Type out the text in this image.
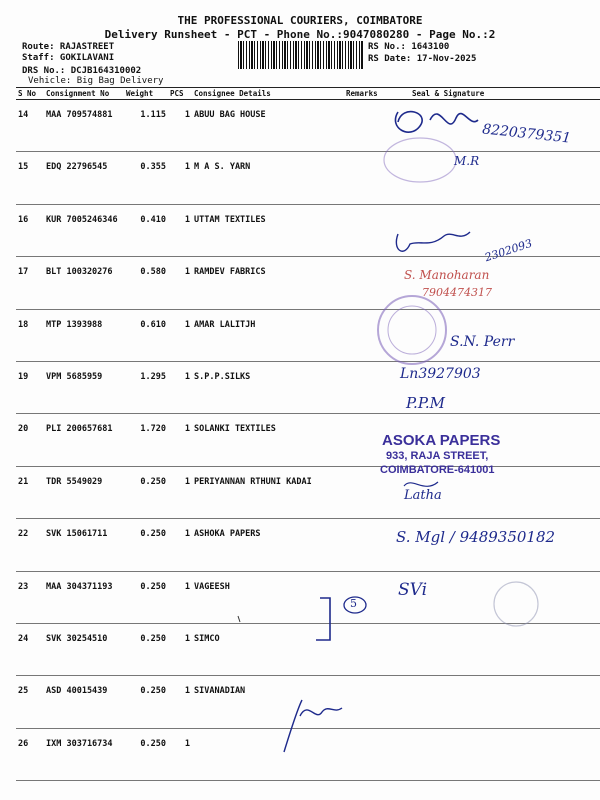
THE PROFESSIONAL COURIERS, COIMBATORE
Delivery Runsheet - PCT - Phone No.:9047080280 - Page No.:2
Route: RAJASTREET
Staff: GOKILAVANI
DRS No.: DCJB164310002
Vehicle: Big Bag Delivery
RS No.: 1643100
RS Date: 17-Nov-2025
S No	Consignment No	Weight	PCS	Consignee Details	Remarks	Seal & Signature
14	MAA 709574881	1.115	1	ABUU BAG HOUSE		
15	EDQ 22796545	0.355	1	M A S. YARN		
16	KUR 7005246346	0.410	1	UTTAM TEXTILES		
17	BLT 100320276	0.580	1	RAMDEV FABRICS		
18	MTP 1393988	0.610	1	AMAR LALITJH		
19	VPM 5685959	1.295	1	S.P.P.SILKS		
20	PLI 200657681	1.720	1	SOLANKI TEXTILES		
21	TDR 5549029	0.250	1	PERIYANNAN RTHUNI KADAI		
22	SVK 15061711	0.250	1	ASHOKA PAPERS		
23	MAA 304371193	0.250	1	VAGEESH		
24	SVK 30254510	0.250	1	SIMCO		
25	ASD 40015439	0.250	1	SIVANADIAN		
26	IXM 303716734	0.250	1			
8220379351
M.R
2302093
S. Manoharan
7904474317
S.N. Perr
Ln3927903
P.P.M
ASOKA PAPERS
933, RAJA STREET,
COIMBATORE-641001
Latha
S. Mgl / 9489350182
SVi
5
